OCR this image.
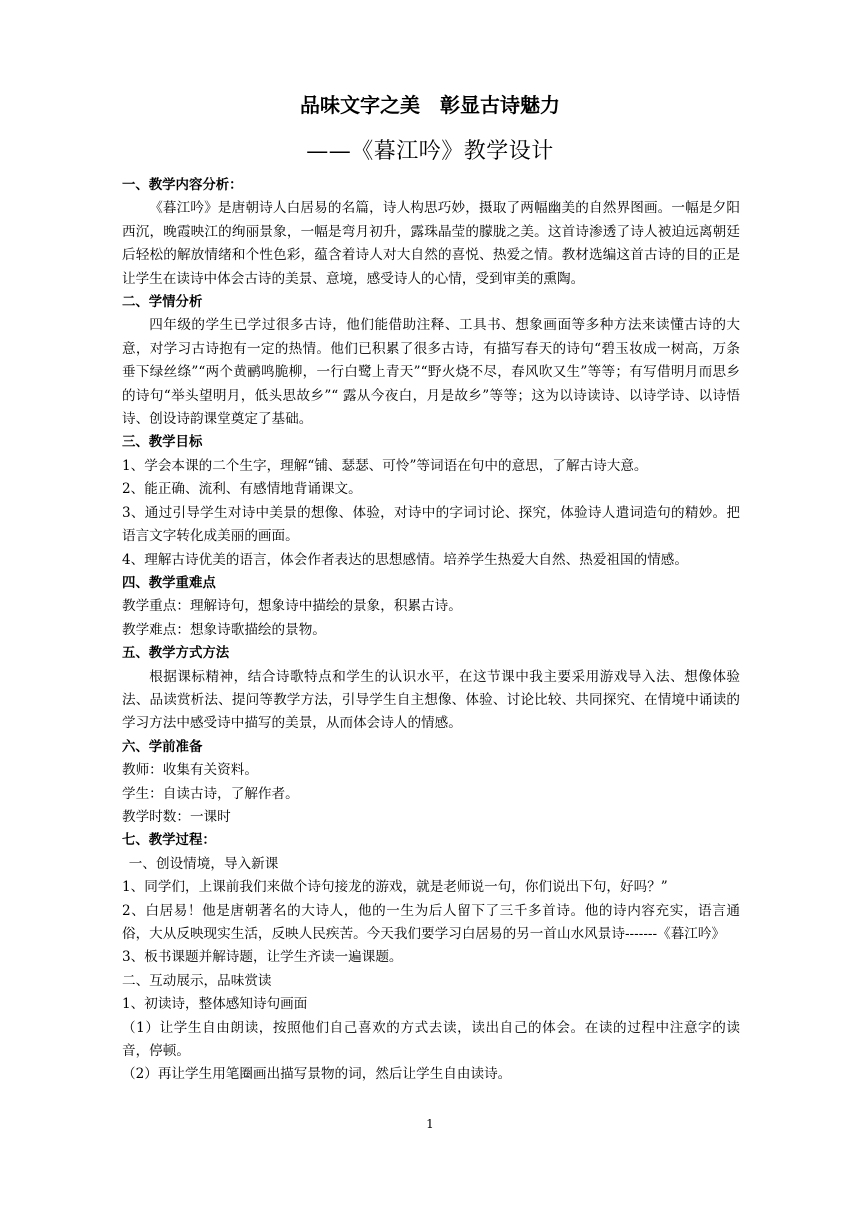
品味文字之美　彰显古诗魅力
——《暮江吟》教学设计

一、教学内容分析：

《暮江吟》是唐朝诗人白居易的名篇，诗人构思巧妙，摄取了两幅幽美的自然界图画。一幅是夕阳西沉，晚霞映江的绚丽景象，一幅是弯月初升，露珠晶莹的朦胧之美。这首诗渗透了诗人被迫远离朝廷后轻松的解放情绪和个性色彩，蕴含着诗人对大自然的喜悦、热爱之情。教材选编这首古诗的目的正是让学生在读诗中体会古诗的美景、意境，感受诗人的心情，受到审美的熏陶。

二、学情分析

四年级的学生已学过很多古诗，他们能借助注释、工具书、想象画面等多种方法来读懂古诗的大意，对学习古诗抱有一定的热情。他们已积累了很多古诗，有描写春天的诗句“碧玉妆成一树高，万条垂下绿丝绦”“两个黄鹂鸣脆柳，一行白鹭上青天”“野火烧不尽，春风吹又生”等等；有写借明月而思乡的诗句“举头望明月，低头思故乡”“ 露从今夜白，月是故乡”等等；这为以诗读诗、以诗学诗、以诗悟诗、创设诗韵课堂奠定了基础。

三、教学目标

1、学会本课的二个生字，理解“铺、瑟瑟、可怜”等词语在句中的意思，了解古诗大意。

2、能正确、流利、有感情地背诵课文。

3、通过引导学生对诗中美景的想像、体验，对诗中的字词讨论、探究，体验诗人遣词造句的精妙。把语言文字转化成美丽的画面。

4、理解古诗优美的语言，体会作者表达的思想感情。培养学生热爱大自然、热爱祖国的情感。

四、教学重难点

教学重点：理解诗句，想象诗中描绘的景象，积累古诗。

教学难点：想象诗歌描绘的景物。

五、教学方式方法

根据课标精神，结合诗歌特点和学生的认识水平，在这节课中我主要采用游戏导入法、想像体验法、品读赏析法、提问等教学方法，引导学生自主想像、体验、讨论比较、共同探究、在情境中诵读的学习方法中感受诗中描写的美景，从而体会诗人的情感。

六、学前准备

教师：收集有关资料。

学生：自读古诗，了解作者。

教学时数：一课时

七、教学过程：

一、创设情境，导入新课

1、同学们，上课前我们来做个诗句接龙的游戏，就是老师说一句，你们说出下句，好吗？”

2、白居易！他是唐朝著名的大诗人，他的一生为后人留下了三千多首诗。他的诗内容充实，语言通俗，大从反映现实生活，反映人民疾苦。今天我们要学习白居易的另一首山水风景诗-------《暮江吟》

3、板书课题并解诗题，让学生齐读一遍课题。

二、互动展示，品味赏读

1、初读诗，整体感知诗句画面

（1）让学生自由朗读，按照他们自己喜欢的方式去读，读出自己的体会。在读的过程中注意字的读音，停顿。

（2）再让学生用笔圈画出描写景物的词，然后让学生自由读诗。

1
